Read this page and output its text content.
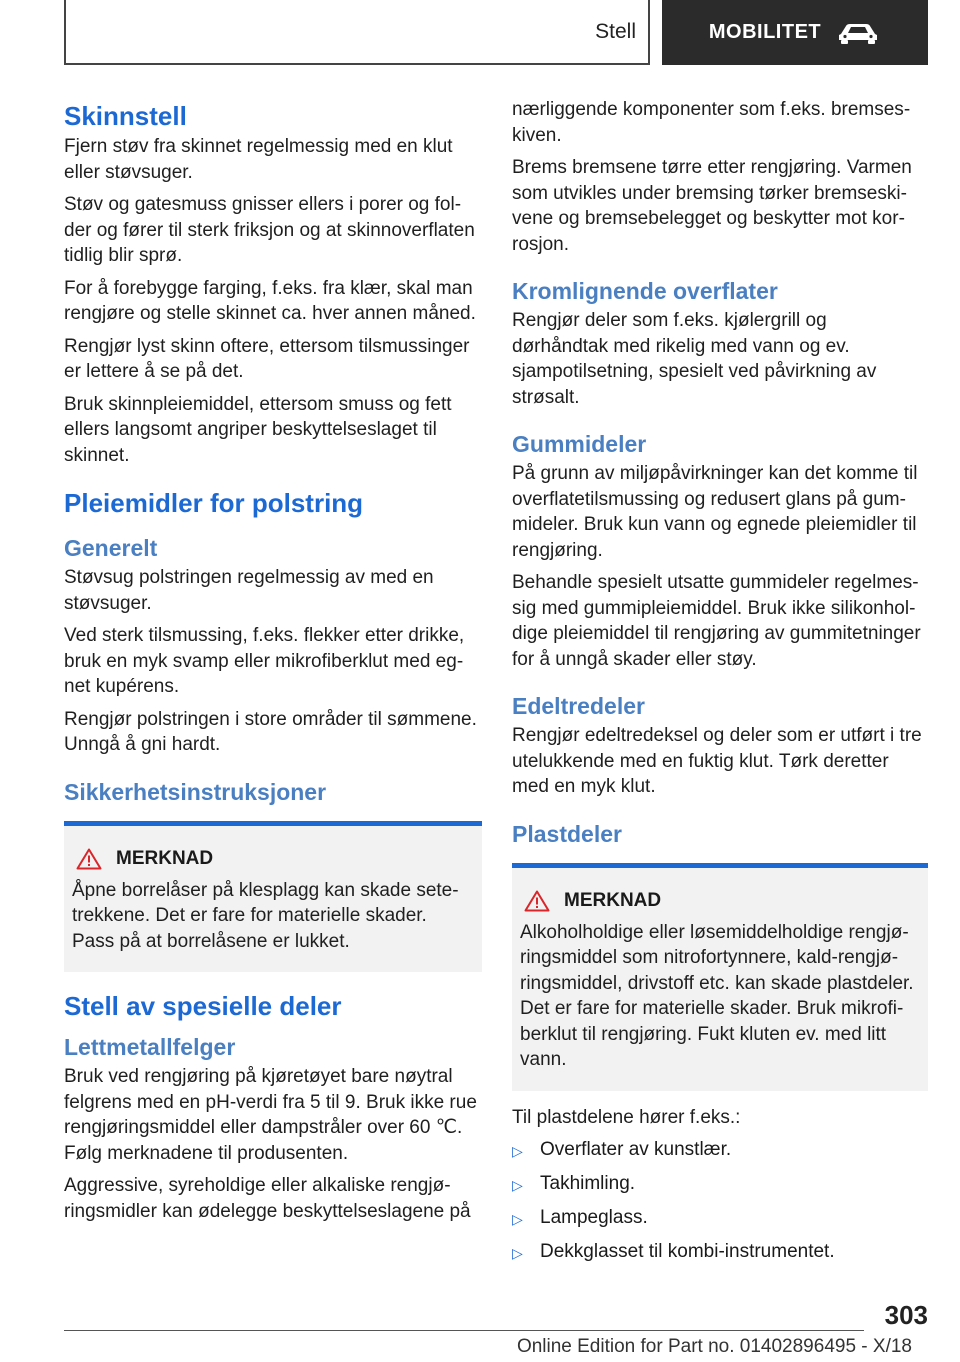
Stell	MOBILITET
Skinnstell

Fjern støv fra skinnet regelmessig med en klut eller støvsuger.

Støv og gatesmuss gnisser ellers i porer og folder og fører til sterk friksjon og at skinnoverflaten tidlig blir sprø.

For å forebygge farging, f.eks. fra klær, skal man rengjøre og stelle skinnet ca. hver annen måned.

Rengjør lyst skinn oftere, ettersom tilsmussinger er lettere å se på det.

Bruk skinnpleiemiddel, ettersom smuss og fett ellers langsomt angriper beskyttelseslaget til skinnet.

Pleiemidler for polstring
Generelt

Støvsug polstringen regelmessig av med en støvsuger.

Ved sterk tilsmussing, f.eks. flekker etter drikke, bruk en myk svamp eller mikrofiberklut med egnet kupérens.

Rengjør polstringen i store områder til sømmene. Unngå å gni hardt.

Sikkerhetsinstruksjoner
MERKNAD

Åpne borrelåser på klesplagg kan skade setetrekkene. Det er fare for materielle skader. Pass på at borrelåsene er lukket.

Stell av spesielle deler
Lettmetallfelger

Bruk ved rengjøring på kjøretøyet bare nøytral felgrens med en pH-verdi fra 5 til 9. Bruk ikke rue rengjøringsmiddel eller dampstråler over 60 ℃. Følg merknadene til produsenten.

Aggressive, syreholdige eller alkaliske rengjøringsmidler kan ødelegge beskyttelseslagene på

nærliggende komponenter som f.eks. bremseskiven.

Brems bremsene tørre etter rengjøring. Varmen som utvikles under bremsing tørker bremseskivene og bremsebelegget og beskytter mot korrosjon.

Kromlignende overflater

Rengjør deler som f.eks. kjølergrill og dørhåndtak med rikelig med vann og ev. sjampotilsetning, spesielt ved påvirkning av strøsalt.

Gummideler

På grunn av miljøpåvirkninger kan det komme til overflatetilsmussing og redusert glans på gummideler. Bruk kun vann og egnede pleiemidler til rengjøring.

Behandle spesielt utsatte gummideler regelmessig med gummipleiemiddel. Bruk ikke silikonholdige pleiemiddel til rengjøring av gummitetninger for å unngå skader eller støy.

Edeltredeler

Rengjør edeltredeksel og deler som er utført i tre utelukkende med en fuktig klut. Tørk deretter med en myk klut.

Plastdeler
MERKNAD

Alkoholholdige eller løsemiddelholdige rengjøringsmiddel som nitrofortynnere, kald-rengjøringsmiddel, drivstoff etc. kan skade plastdeler. Det er fare for materielle skader. Bruk mikrofiberklut til rengjøring. Fukt kluten ev. med litt vann.

Til plastdelene hører f.eks.:

▷ Overflater av kunstlær.
▷ Takhimling.
▷ Lampeglass.
▷ Dekkglasset til kombi-instrumentet.
303
Online Edition for Part no. 01402896495 - X/18
